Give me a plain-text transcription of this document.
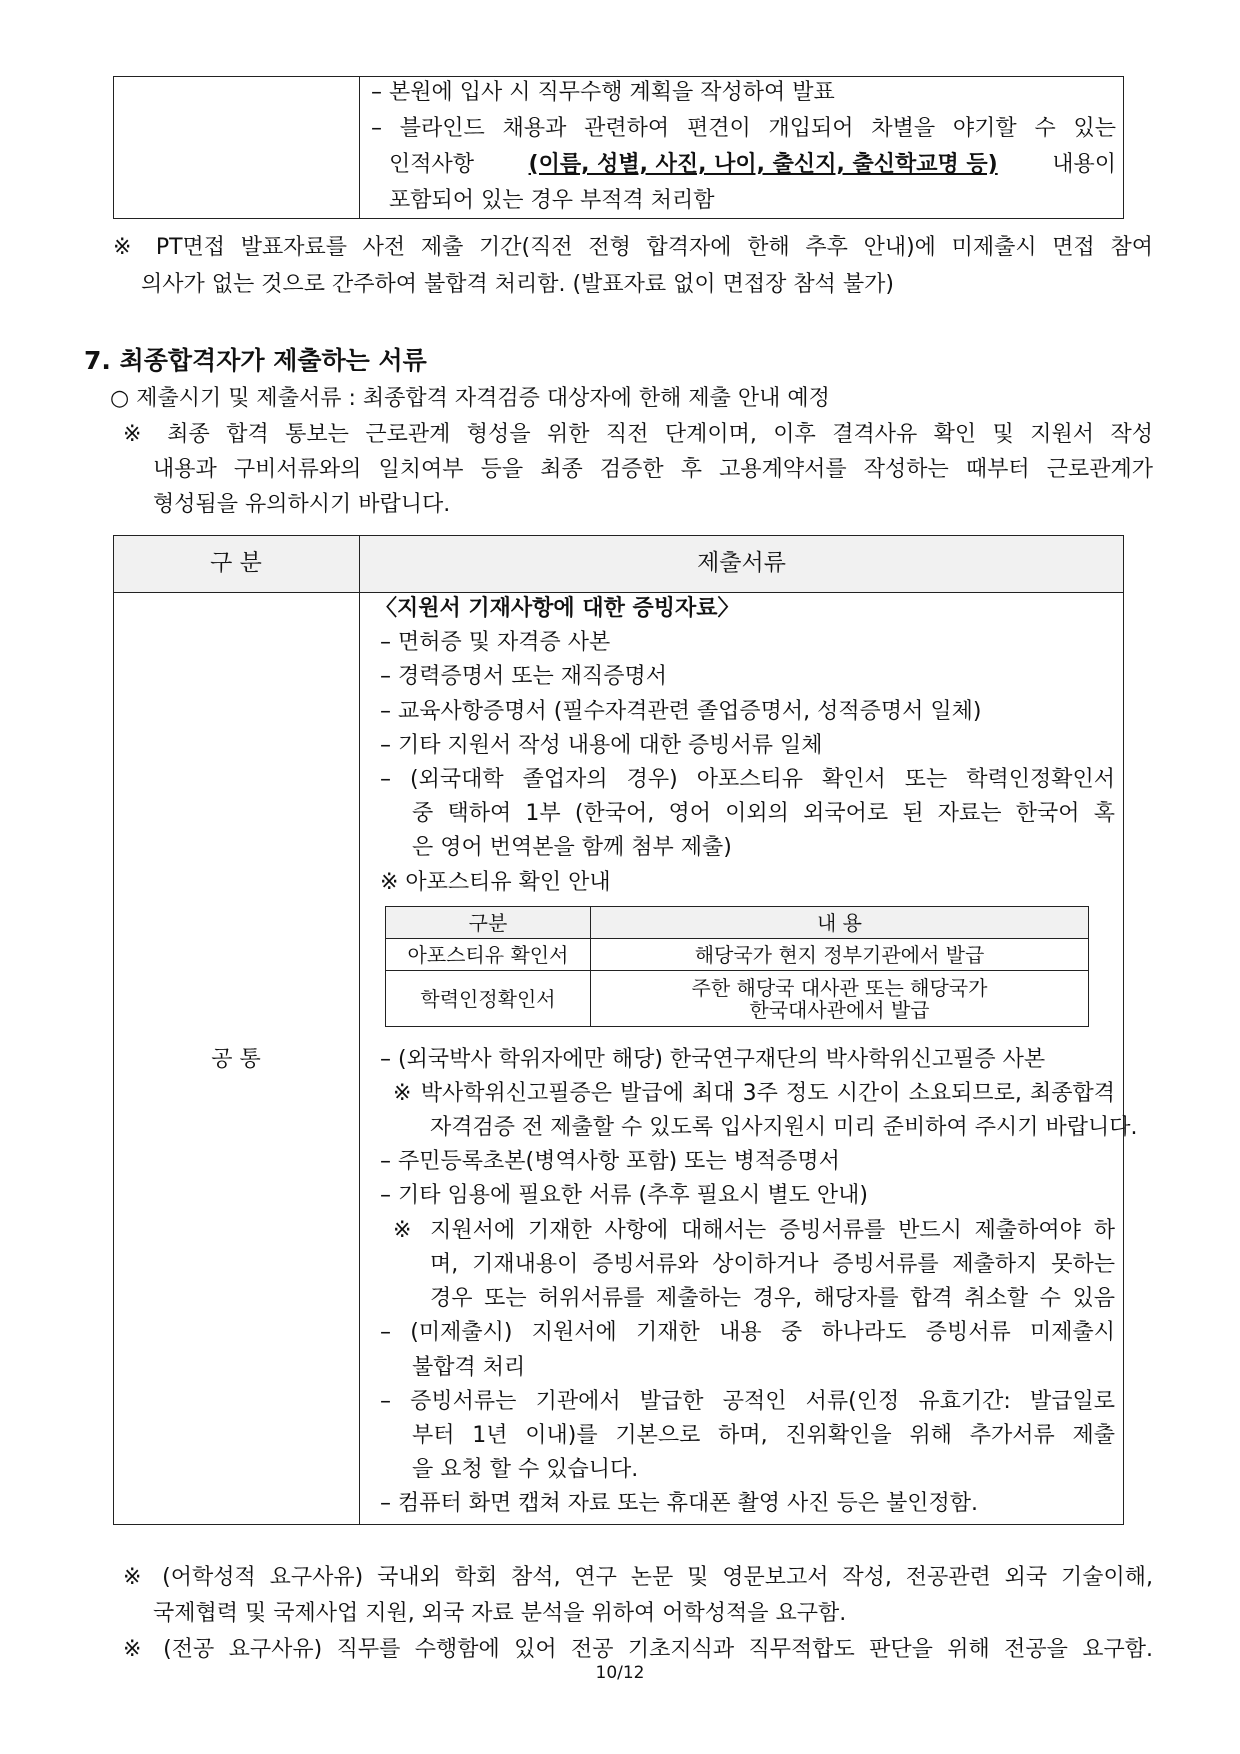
– 본원에 입사 시 직무수행 계획을 작성하여 발표
– 블라인드 채용과 관련하여 편견이 개입되어 차별을 야기할 수 있는
인적사항 (이름, 성별, 사진, 나이, 출신지, 출신학교명 등) 내용이
포함되어 있는 경우 부적격 처리함
※ PT면접 발표자료를 사전 제출 기간(직전 전형 합격자에 한해 추후 안내)에 미제출시 면접 참여
의사가 없는 것으로 간주하여 불합격 처리함. (발표자료 없이 면접장 참석 불가)
7. 최종합격자가 제출하는 서류
○ 제출시기 및 제출서류 : 최종합격 자격검증 대상자에 한해 제출 안내 예정
※ 최종 합격 통보는 근로관계 형성을 위한 직전 단계이며, 이후 결격사유 확인 및 지원서 작성
내용과 구비서류와의 일치여부 등을 최종 검증한 후 고용계약서를 작성하는 때부터 근로관계가
형성됨을 유의하시기 바랍니다.
구 분	제출서류
공 통
〈지원서 기재사항에 대한 증빙자료〉
– 면허증 및 자격증 사본
– 경력증명서 또는 재직증명서
– 교육사항증명서 (필수자격관련 졸업증명서, 성적증명서 일체)
– 기타 지원서 작성 내용에 대한 증빙서류 일체
– (외국대학 졸업자의 경우) 아포스티유 확인서 또는 학력인정확인서
중 택하여 1부 (한국어, 영어 이외의 외국어로 된 자료는 한국어 혹
은 영어 번역본을 함께 첨부 제출)
※ 아포스티유 확인 안내
구분	내 용
아포스티유 확인서	해당국가 현지 정부기관에서 발급
학력인정확인서	주한 해당국 대사관 또는 해당국가
한국대사관에서 발급
– (외국박사 학위자에만 해당) 한국연구재단의 박사학위신고필증 사본
※ 박사학위신고필증은 발급에 최대 3주 정도 시간이 소요되므로, 최종합격
자격검증 전 제출할 수 있도록 입사지원시 미리 준비하여 주시기 바랍니다.
– 주민등록초본(병역사항 포함) 또는 병적증명서
– 기타 임용에 필요한 서류 (추후 필요시 별도 안내)
※ 지원서에 기재한 사항에 대해서는 증빙서류를 반드시 제출하여야 하
며, 기재내용이 증빙서류와 상이하거나 증빙서류를 제출하지 못하는
경우 또는 허위서류를 제출하는 경우, 해당자를 합격 취소할 수 있음
– (미제출시) 지원서에 기재한 내용 중 하나라도 증빙서류 미제출시
불합격 처리
– 증빙서류는 기관에서 발급한 공적인 서류(인정 유효기간: 발급일로
부터 1년 이내)를 기본으로 하며, 진위확인을 위해 추가서류 제출
을 요청 할 수 있습니다.
– 컴퓨터 화면 캡쳐 자료 또는 휴대폰 촬영 사진 등은 불인정함.
※ (어학성적 요구사유) 국내외 학회 참석, 연구 논문 및 영문보고서 작성, 전공관련 외국 기술이해,
국제협력 및 국제사업 지원, 외국 자료 분석을 위하여 어학성적을 요구함.
※ (전공 요구사유) 직무를 수행함에 있어 전공 기초지식과 직무적합도 판단을 위해 전공을 요구함.
10/12
